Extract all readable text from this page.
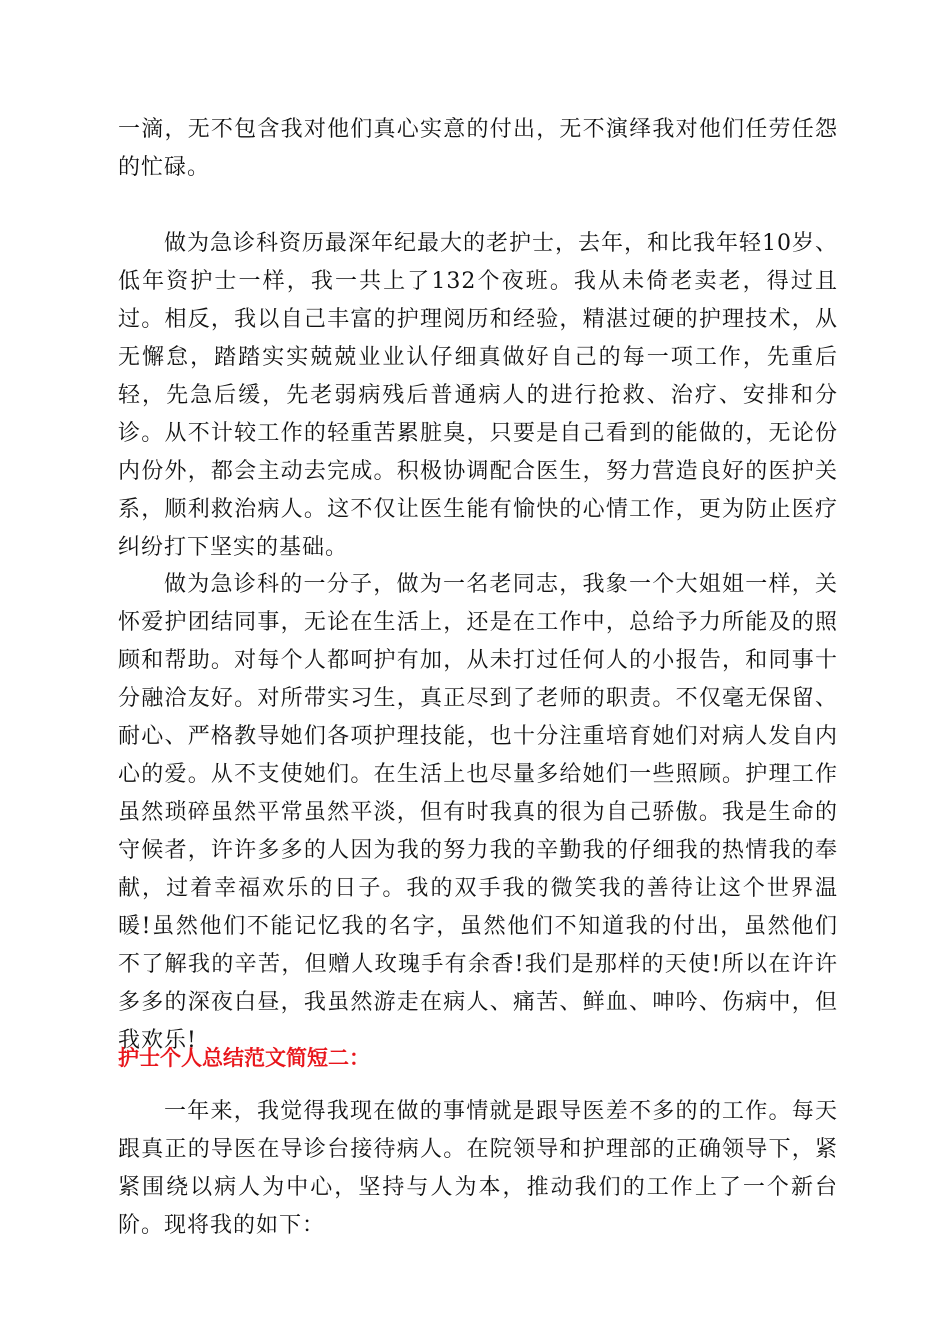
一滴，无不包含我对他们真心实意的付出，无不演绎我对他们任劳任怨的忙碌。

做为急诊科资历最深年纪最大的老护士，去年，和比我年轻10岁、低年资护士一样，我一共上了132个夜班。我从未倚老卖老，得过且过。相反，我以自己丰富的护理阅历和经验，精湛过硬的护理技术，从无懈怠，踏踏实实兢兢业业认仔细真做好自己的每一项工作，先重后轻，先急后缓，先老弱病残后普通病人的进行抢救、治疗、安排和分诊。从不计较工作的轻重苦累脏臭，只要是自己看到的能做的，无论份内份外，都会主动去完成。积极协调配合医生，努力营造良好的医护关系，顺利救治病人。这不仅让医生能有愉快的心情工作，更为防止医疗纠纷打下坚实的基础。

做为急诊科的一分子，做为一名老同志，我象一个大姐姐一样，关怀爱护团结同事，无论在生活上，还是在工作中，总给予力所能及的照顾和帮助。对每个人都呵护有加，从未打过任何人的小报告，和同事十分融洽友好。对所带实习生，真正尽到了老师的职责。不仅毫无保留、耐心、严格教导她们各项护理技能，也十分注重培育她们对病人发自内心的爱。从不支使她们。在生活上也尽量多给她们一些照顾。护理工作虽然琐碎虽然平常虽然平淡，但有时我真的很为自己骄傲。我是生命的守候者，许许多多的人因为我的努力我的辛勤我的仔细我的热情我的奉献，过着幸福欢乐的日子。我的双手我的微笑我的善待让这个世界温暖!虽然他们不能记忆我的名字，虽然他们不知道我的付出，虽然他们不了解我的辛苦，但赠人玫瑰手有余香!我们是那样的天使!所以在许许多多的深夜白昼，我虽然游走在病人、痛苦、鲜血、呻吟、伤病中，但我欢乐!

护士个人总结范文简短二：

一年来，我觉得我现在做的事情就是跟导医差不多的的工作。每天跟真正的导医在导诊台接待病人。在院领导和护理部的正确领导下，紧紧围绕以病人为中心，坚持与人为本，推动我们的工作上了一个新台阶。现将我的如下：
